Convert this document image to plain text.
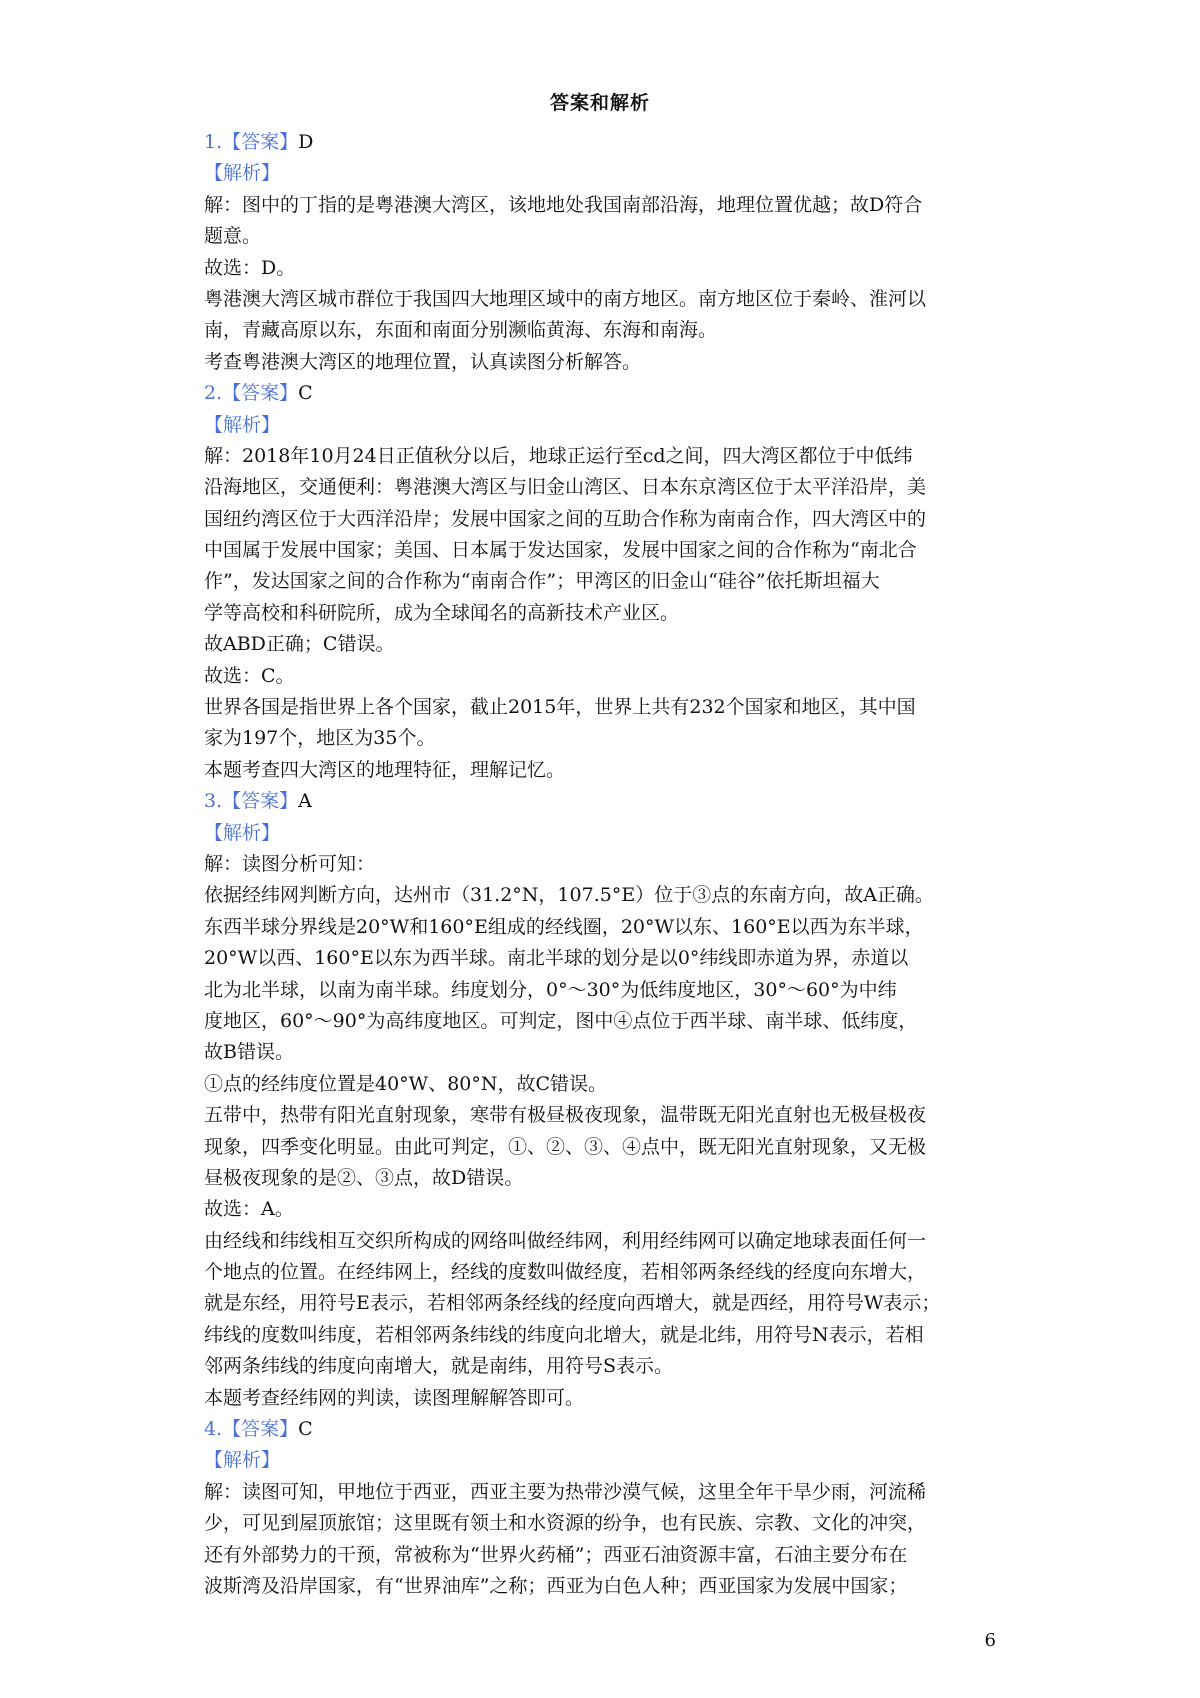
答案和解析
1.【答案】D
【解析】
解：图中的丁指的是粤港澳大湾区，该地地处我国南部沿海，地理位置优越；故D符合
题意。
故选：D。
粤港澳大湾区城市群位于我国四大地理区域中的南方地区。南方地区位于秦岭、淮河以
南，青藏高原以东，东面和南面分别濒临黄海、东海和南海。
考查粤港澳大湾区的地理位置，认真读图分析解答。
2.【答案】C
【解析】
解：2018年10月24日正值秋分以后，地球正运行至cd之间，四大湾区都位于中低纬
沿海地区，交通便利：粤港澳大湾区与旧金山湾区、日本东京湾区位于太平洋沿岸，美
国纽约湾区位于大西洋沿岸；发展中国家之间的互助合作称为南南合作，四大湾区中的
中国属于发展中国家；美国、日本属于发达国家，发展中国家之间的合作称为“南北合
作”，发达国家之间的合作称为“南南合作”；甲湾区的旧金山“硅谷”依托斯坦福大
学等高校和科研院所，成为全球闻名的高新技术产业区。
故ABD正确；C错误。
故选：C。
世界各国是指世界上各个国家，截止2015年，世界上共有232个国家和地区，其中国
家为197个，地区为35个。
本题考查四大湾区的地理特征，理解记忆。
3.【答案】A
【解析】
解：读图分析可知：
依据经纬网判断方向，达州市（31.2°N，107.5°E）位于③点的东南方向，故A正确。
东西半球分界线是20°W和160°E组成的经线圈，20°W以东、160°E以西为东半球，
20°W以西、160°E以东为西半球。南北半球的划分是以0°纬线即赤道为界，赤道以
北为北半球，以南为南半球。纬度划分，0°～30°为低纬度地区，30°～60°为中纬
度地区，60°～90°为高纬度地区。可判定，图中④点位于西半球、南半球、低纬度，
故B错误。
①点的经纬度位置是40°W、80°N，故C错误。
五带中，热带有阳光直射现象，寒带有极昼极夜现象，温带既无阳光直射也无极昼极夜
现象，四季变化明显。由此可判定，①、②、③、④点中，既无阳光直射现象，又无极
昼极夜现象的是②、③点，故D错误。
故选：A。
由经线和纬线相互交织所构成的网络叫做经纬网，利用经纬网可以确定地球表面任何一
个地点的位置。在经纬网上，经线的度数叫做经度，若相邻两条经线的经度向东增大，
就是东经，用符号E表示，若相邻两条经线的经度向西增大，就是西经，用符号W表示；
纬线的度数叫纬度，若相邻两条纬线的纬度向北增大，就是北纬，用符号N表示，若相
邻两条纬线的纬度向南增大，就是南纬，用符号S表示。
本题考查经纬网的判读，读图理解解答即可。
4.【答案】C
【解析】
解：读图可知，甲地位于西亚，西亚主要为热带沙漠气候，这里全年干旱少雨，河流稀
少，可见到屋顶旅馆；这里既有领土和水资源的纷争，也有民族、宗教、文化的冲突，
还有外部势力的干预，常被称为“世界火药桶”；西亚石油资源丰富，石油主要分布在
波斯湾及沿岸国家，有“世界油库”之称；西亚为白色人种；西亚国家为发展中国家；
6
